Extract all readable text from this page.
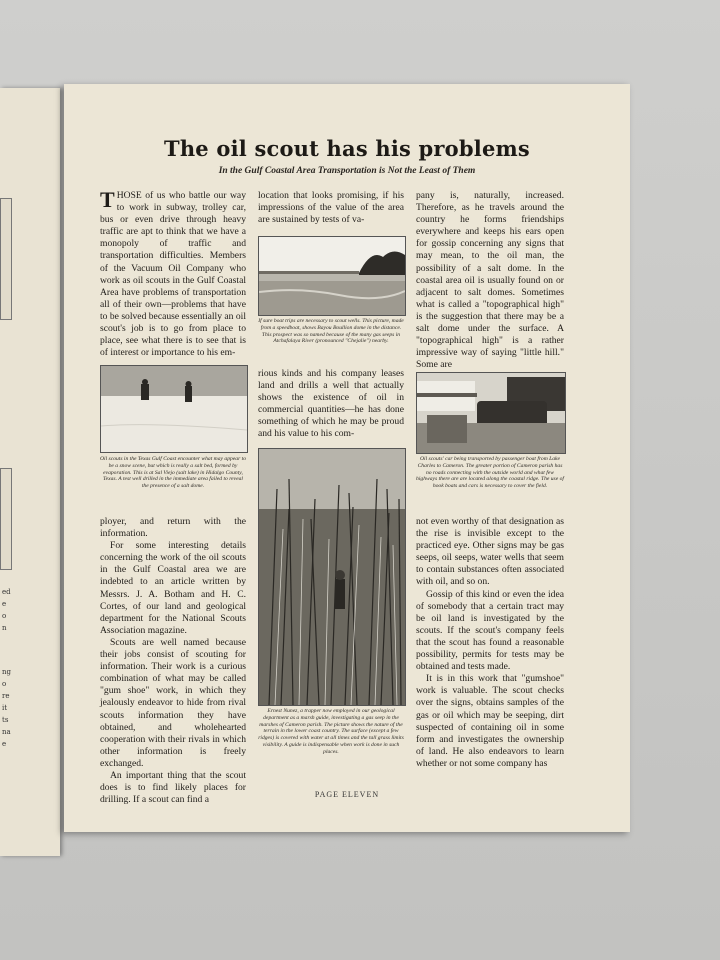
ed
e
o
n
ng
o
re
it
ts
na
e
The oil scout has his problems
In the Gulf Coastal Area Transportation is Not the Least of Them

THOSE of us who battle our way to work in subway, trolley car, bus or even drive through heavy traffic are apt to think that we have a monopoly of traffic and transportation difficulties. Members of the Vacuum Oil Company who work as oil scouts in the Gulf Coastal Area have problems of transportation all of their own—problems that have to be solved because essentially an oil scout's job is to go from place to place, see what there is to see that is of interest or importance to his em-

location that looks promising, if his impressions of the value of the area are sustained by tests of va-

If sure boat trips are necessary to scout wells. This picture, made from a speedboat, shows Bayou Boullion dome in the distance. This prospect was so named because of the many gas seeps in Atchafalaya River (pronounced "Chejalie") nearby.

pany is, naturally, increased. Therefore, as he travels around the country he forms friendships everywhere and keeps his ears open for gossip concerning any signs that may mean, to the oil man, the possibility of a salt dome. In the coastal area oil is usually found on or adjacent to salt domes. Sometimes what is called a "topographical high" is the suggestion that there may be a salt dome under the surface. A "topographical high" is a rather impressive way of saying "little hill." Some are

Oil scouts in the Texas Gulf Coast encounter what may appear to be a snow scene, but which is really a salt bed, formed by evaporation. This is at Sal Viejo (salt lake) in Hidalgo County, Texas. A test well drilled in the immediate area failed to reveal the presence of a salt dome.

rious kinds and his company leases land and drills a well that actually shows the existence of oil in commercial quantities—he has done something of which he may be proud and his value to his com-

Oil scouts' car being transported by passenger boat from Lake Charles to Cameron. The greater portion of Cameron parish has no roads connecting with the outside world and what few highways there are are located along the coastal ridge. The use of hook boats and cars is necessary to cover the field.
Ernest Nunez, a trapper now employed in our geological department as a marsh guide, investigating a gas seep in the marshes of Cameron parish. The picture shows the nature of the terrain in the lower coast country. The surface (except a few ridges) is covered with water at all times and the tall grass limits visibility. A guide is indispensable when work is done in such places.

ployer, and return with the information.

For some interesting details concerning the work of the oil scouts in the Gulf Coastal area we are indebted to an article written by Messrs. J. A. Botham and H. C. Cortes, of our land and geological department for the National Scouts Association magazine.

Scouts are well named because their jobs consist of scouting for information. Their work is a curious combination of what may be called "gum shoe" work, in which they jealously endeavor to hide from rival scouts information they have obtained, and wholehearted cooperation with their rivals in which other information is freely exchanged.

An important thing that the scout does is to find likely places for drilling. If a scout can find a

not even worthy of that designation as the rise is invisible except to the practiced eye. Other signs may be gas seeps, oil seeps, water wells that seem to contain substances often associated with oil, and so on.

Gossip of this kind or even the idea of somebody that a certain tract may be oil land is investigated by the scouts. If the scout's company feels that the scout has found a reasonable possibility, permits for tests may be obtained and tests made.

It is in this work that "gumshoe" work is valuable. The scout checks over the signs, obtains samples of the gas or oil which may be seeping, dirt suspected of containing oil in some form and investigates the ownership of land. He also endeavors to learn whether or not some company has

PAGE ELEVEN
